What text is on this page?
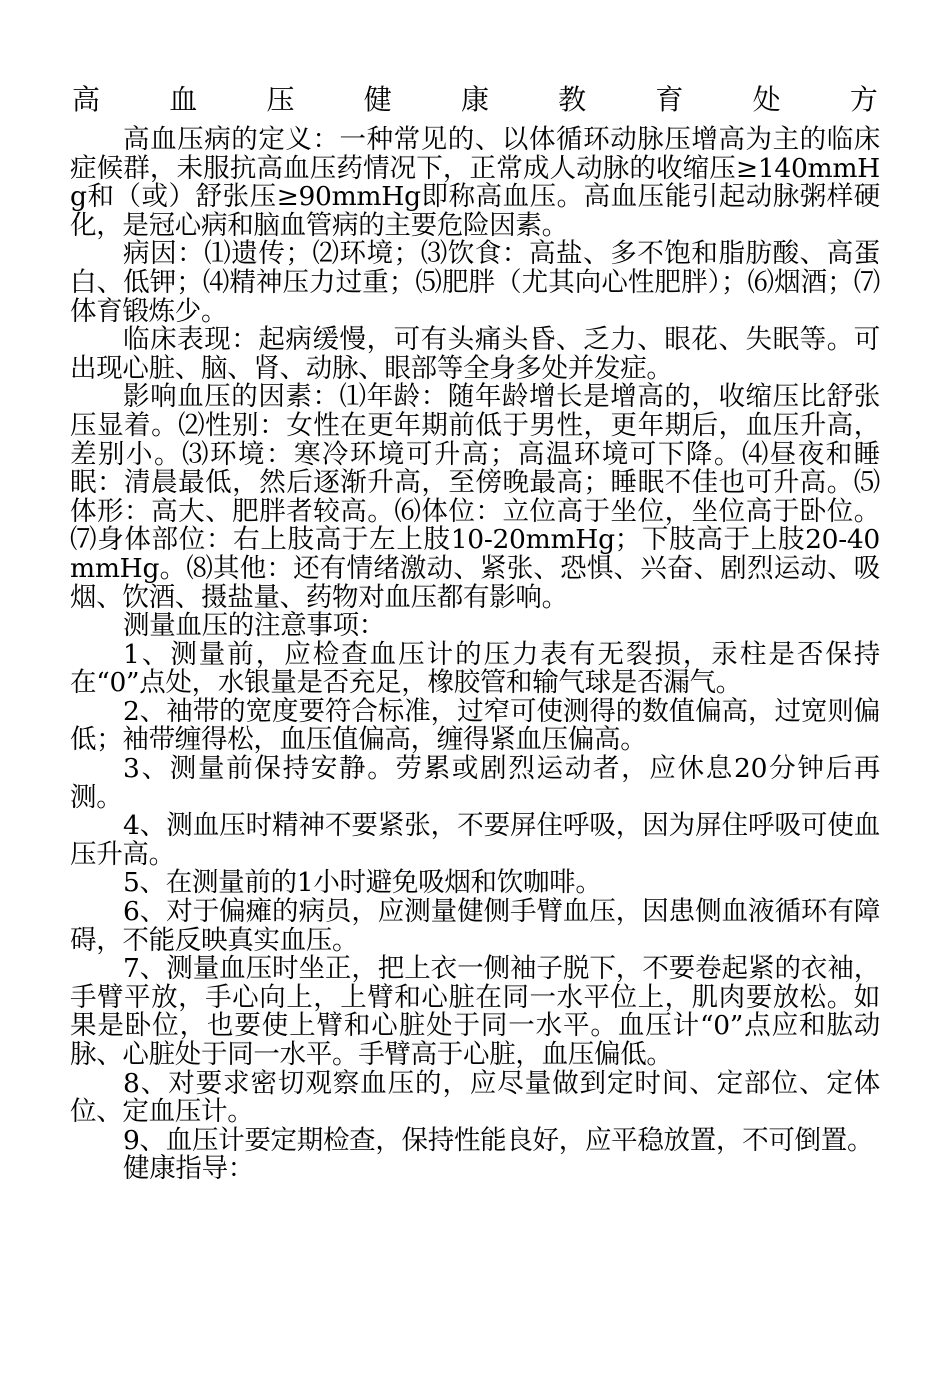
高 血 压 健 康 教 育 处 方

高血压病的定义：一种常见的、以体循环动脉压增高为主的临床症候群，未服抗高血压药情况下，正常成人动脉的收缩压≥140mmHg和（或）舒张压≥90mmHg即称高血压。高血压能引起动脉粥样硬化，是冠心病和脑血管病的主要危险因素。

病因：⑴遗传；⑵环境；⑶饮食：高盐、多不饱和脂肪酸、高蛋白、低钾；⑷精神压力过重；⑸肥胖（尤其向心性肥胖）；⑹烟酒；⑺体育锻炼少。

临床表现：起病缓慢，可有头痛头昏、乏力、眼花、失眠等。可出现心脏、脑、肾、动脉、眼部等全身多处并发症。

影响血压的因素：⑴年龄：随年龄增长是增高的，收缩压比舒张压显着。⑵性别：女性在更年期前低于男性，更年期后，血压升高，差别小。⑶环境：寒冷环境可升高；高温环境可下降。⑷昼夜和睡眠：清晨最低，然后逐渐升高，至傍晚最高；睡眠不佳也可升高。⑸体形：高大、肥胖者较高。⑹体位：立位高于坐位，坐位高于卧位。⑺身体部位：右上肢高于左上肢10-20mmHg；下肢高于上肢20-40mmHg。⑻其他：还有情绪激动、紧张、恐惧、兴奋、剧烈运动、吸烟、饮酒、摄盐量、药物对血压都有影响。

测量血压的注意事项：

1、测量前，应检查血压计的压力表有无裂损，汞柱是否保持在“0”点处，水银量是否充足，橡胶管和输气球是否漏气。

2、袖带的宽度要符合标准，过窄可使测得的数值偏高，过宽则偏低；袖带缠得松，血压值偏高，缠得紧血压偏高。

3、测量前保持安静。劳累或剧烈运动者，应休息20分钟后再测。

4、测血压时精神不要紧张，不要屏住呼吸，因为屏住呼吸可使血压升高。

5、在测量前的1小时避免吸烟和饮咖啡。

6、对于偏瘫的病员，应测量健侧手臂血压，因患侧血液循环有障碍，不能反映真实血压。

7、测量血压时坐正，把上衣一侧袖子脱下，不要卷起紧的衣袖，手臂平放，手心向上，上臂和心脏在同一水平位上，肌肉要放松。如果是卧位，也要使上臂和心脏处于同一水平。血压计“0”点应和肱动脉、心脏处于同一水平。手臂高于心脏，血压偏低。

8、对要求密切观察血压的，应尽量做到定时间、定部位、定体位、定血压计。

9、血压计要定期检查，保持性能良好，应平稳放置，不可倒置。

健康指导：
